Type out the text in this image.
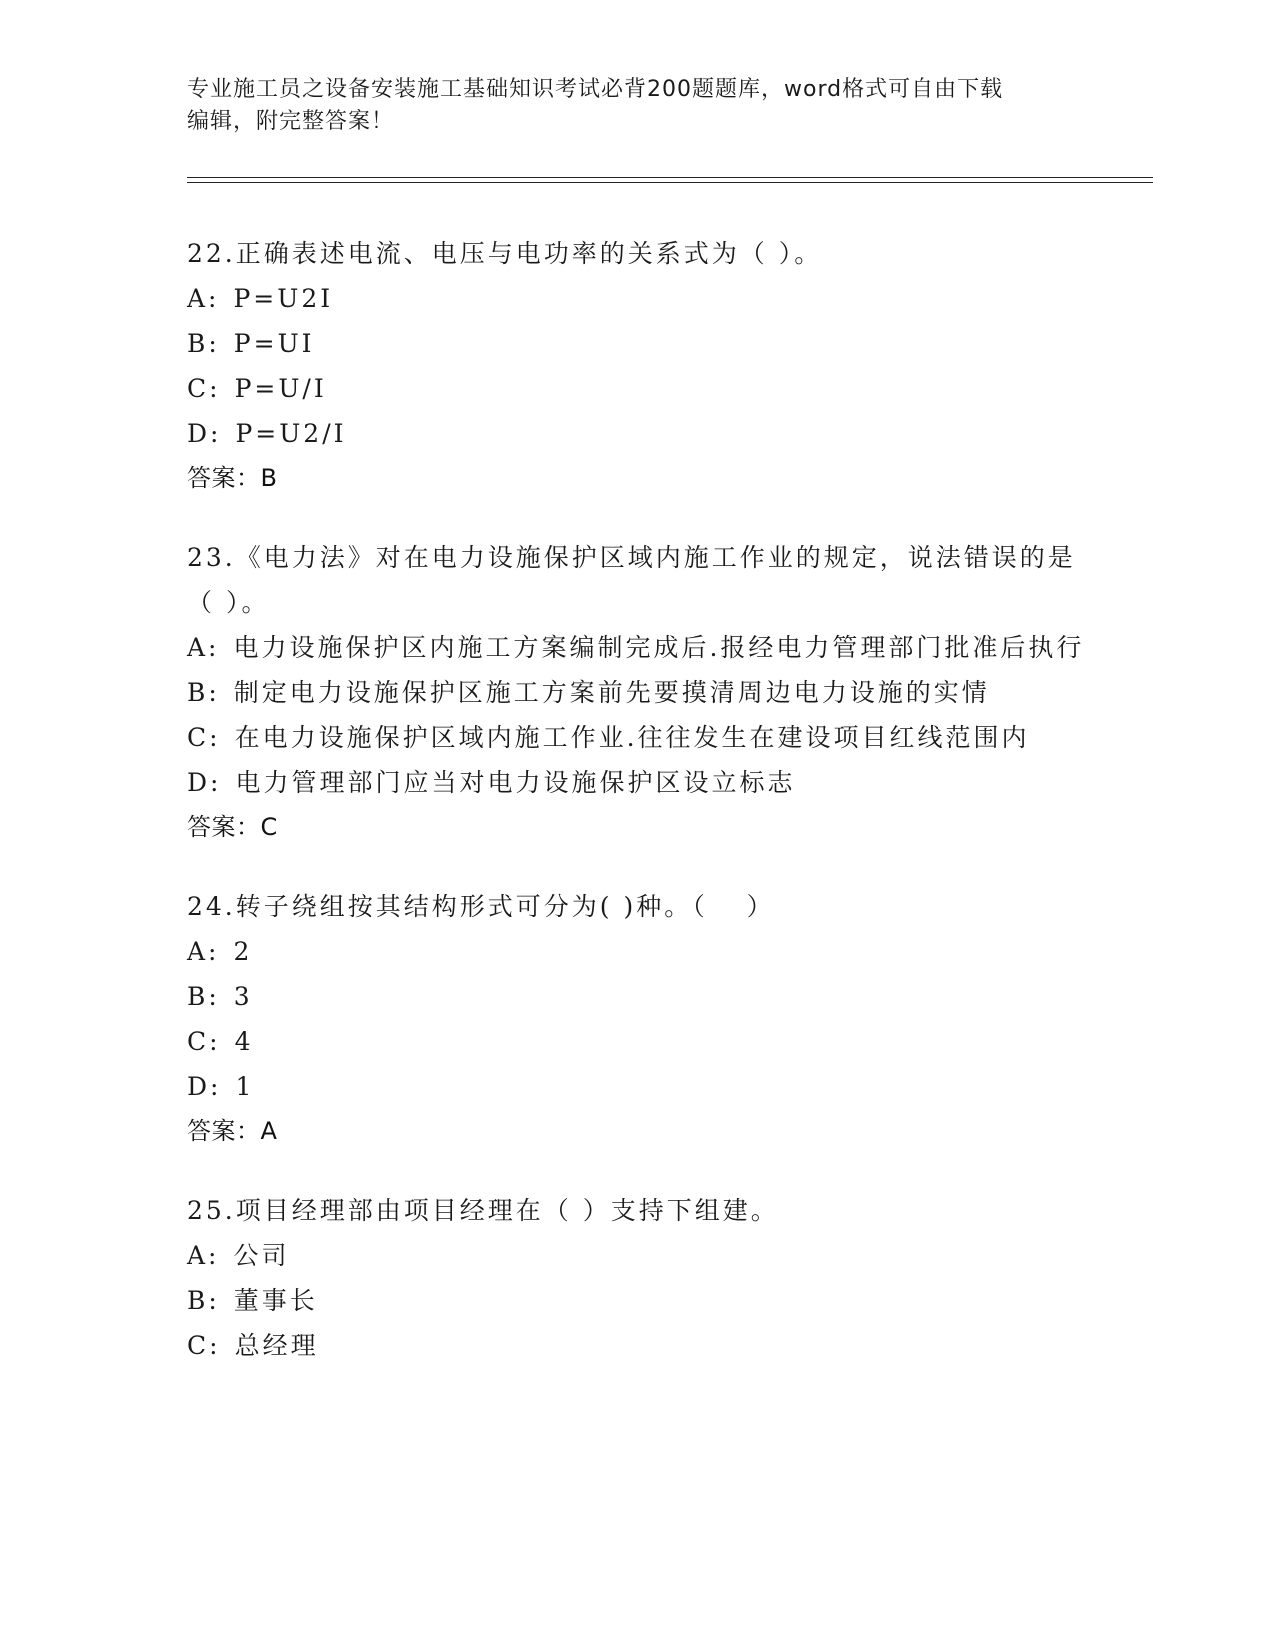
专业施工员之设备安装施工基础知识考试必背200题题库，word格式可自由下载
编辑，附完整答案！

22.正确表述电流、电压与电功率的关系式为（ ）。

A: P=U2I

B: P=UI

C: P=U/I

D: P=U2/I

答案：B

23.《电力法》对在电力设施保护区域内施工作业的规定，说法错误的是（ ）。

A: 电力设施保护区内施工方案编制完成后.报经电力管理部门批准后执行

B: 制定电力设施保护区施工方案前先要摸清周边电力设施的实情

C: 在电力设施保护区域内施工作业.往往发生在建设项目红线范围内

D: 电力管理部门应当对电力设施保护区设立标志

答案：C

24.转子绕组按其结构形式可分为( )种。（　 ）

A: 2

B: 3

C: 4

D: 1

答案：A

25.项目经理部由项目经理在（ ）支持下组建。

A: 公司

B: 董事长

C: 总经理
